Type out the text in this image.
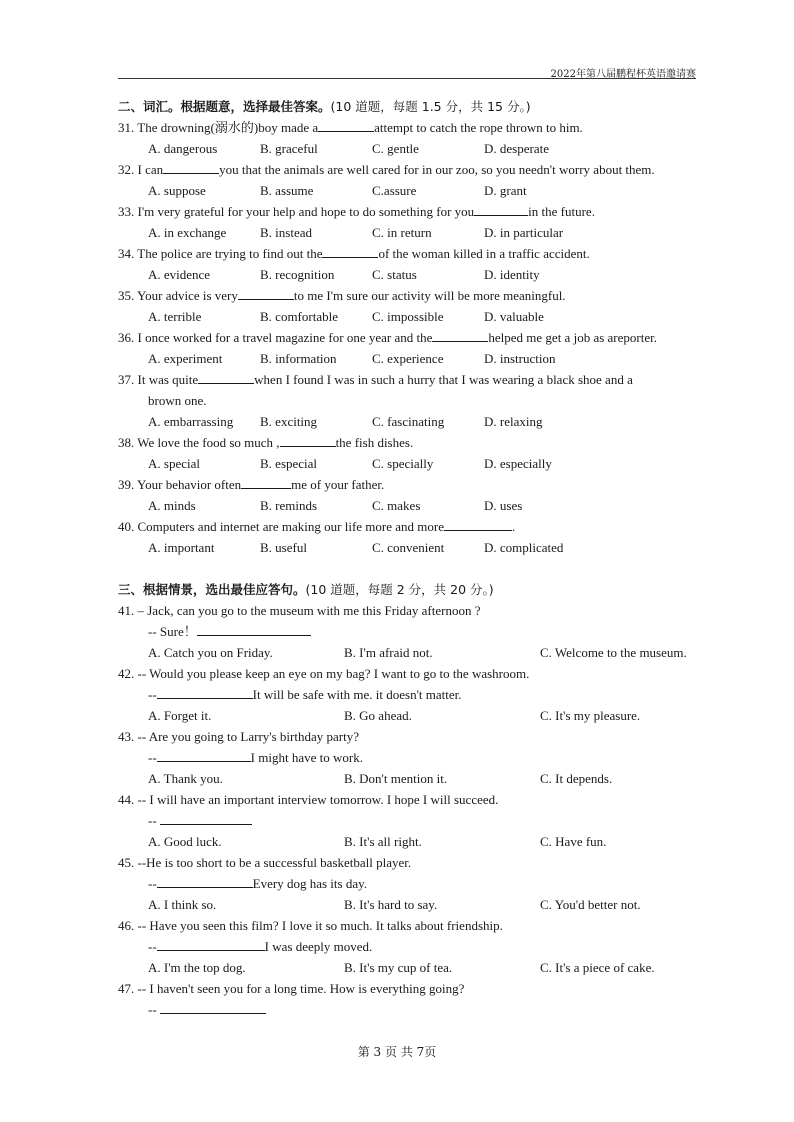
2022年第八届鹏程杯英语邀请赛
二、词汇。根据题意，选择最佳答案。(10 道题，每题 1.5 分，共 15 分。)
31. The drowning(溺水的)boy made a	attempt to catch the rope thrown to him.
A. dangerous	B. graceful	C. gentle	D. desperate
32. I can	you that the animals are well cared for in our zoo, so you needn't worry about them.
A. suppose	B. assume	C.assure	D. grant
33. I'm very grateful for your help and hope to do something for you	in the future.
A. in exchange	B. instead	C. in return	D. in particular
34. The police are trying to find out the	of the woman killed in a traffic accident.
A. evidence	B. recognition	C. status	D. identity
35. Your advice is very	to me I'm sure our activity will be more meaningful.
A. terrible	B. comfortable	C. impossible	D. valuable
36. I once worked for a travel magazine for one year and the	helped me get a job as areporter.
A. experiment	B. information	C. experience	D. instruction
37. It was quite	when I found I was in such a hurry that I was wearing a black shoe and a
brown one.
A. embarrassing B. exciting	C. fascinating	D. relaxing
38. We love the food so much ,	the fish dishes.
A. special	B. especial	C. specially	D. especially
39. Your behavior often	me of your father.
A. minds	B. reminds	C. makes	D. uses
40. Computers and internet are making our life more and more	.
A. important	B. useful	C. convenient	D. complicated
三、根据情景，选出最佳应答句。(10 道题，每题 2 分，共 20 分。)
41. – Jack, can you go to the museum with me this Friday afternoon ?
-- Sure！
A. Catch you on Friday.	B. I'm afraid not.	C. Welcome to the museum.
42. -- Would you please keep an eye on my bag? I want to go to the washroom.
--	It will be safe with me. it doesn't matter.
A. Forget it.	B. Go ahead.	C. It's my pleasure.
43. -- Are you going to Larry's birthday party?
--	I might have to work.
A. Thank you.	B. Don't mention it.	C. It depends.
44. -- I will have an important interview tomorrow. I hope I will succeed.
--
A. Good luck.	B. It's all right.	C. Have fun.
45. --He is too short to be a successful basketball player.
--	Every dog has its day.
A. I think so.	B. It's hard to say.	C. You'd better not.
46. -- Have you seen this film? I love it so much. It talks about friendship.
--	I was deeply moved.
A. I'm the top dog.	B. It's my cup of tea.	C. It's a piece of cake.
47. -- I haven't seen you for a long time. How is everything going?
--
第 3 页 共 7页
